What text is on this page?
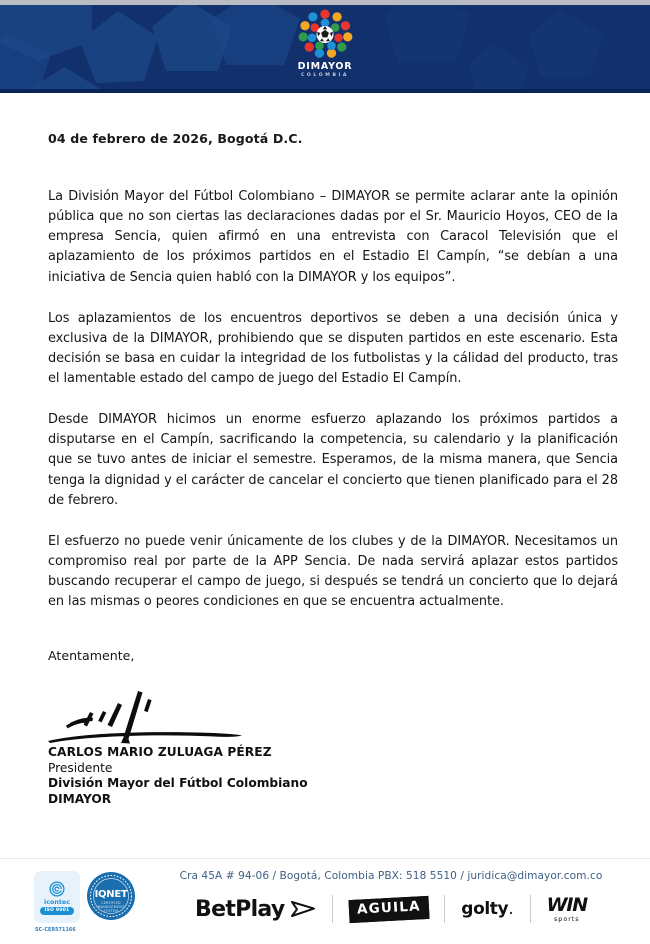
DIMAYOR
COLOMBIA
04 de febrero de 2026, Bogotá D.C.

La División Mayor del Fútbol Colombiano – DIMAYOR se permite aclarar ante la opinión pública que no son ciertas las declaraciones dadas por el Sr. Mauricio Hoyos, CEO de la empresa Sencia, quien afirmó en una entrevista con Caracol Televisión que el aplazamiento de los próximos partidos en el Estadio El Campín, “se debían a una iniciativa de Sencia quien habló con la DIMAYOR y los equipos”.

Los aplazamientos de los encuentros deportivos se deben a una decisión única y exclusiva de la DIMAYOR, prohibiendo que se disputen partidos en este escenario. Esta decisión se basa en cuidar la integridad de los futbolistas y la cálidad del producto, tras el lamentable estado del campo de juego del Estadio El Campín.

Desde DIMAYOR hicimos un enorme esfuerzo aplazando los próximos partidos a disputarse en el Campín, sacrificando la competencia, su calendario y la planificación que se tuvo antes de iniciar el semestre. Esperamos, de la misma manera, que Sencia tenga la dignidad y el carácter de cancelar el concierto que tienen planificado para el 28 de febrero.

El esfuerzo no puede venir únicamente de los clubes y de la DIMAYOR. Necesitamos un compromiso real por parte de la APP Sencia. De nada servirá aplazar estos partidos buscando recuperar el campo de juego, si después se tendrá un concierto que lo dejará en las mismas o peores condiciones en que se encuentra actualmente.

Atentamente,
CARLOS MARIO ZULUAGA PÉREZ
Presidente
División Mayor del Fútbol Colombiano
DIMAYOR
icontec
ISO 9001
IQNET
CERTIFIED
MANAGEMENT
SYSTEM
SC-CER571166
Cra 45A # 94-06 / Bogotá, Colombia PBX: 518 5510 / juridica@dimayor.com.co
BetPlay	AGUILA	golty . WIN
sports
